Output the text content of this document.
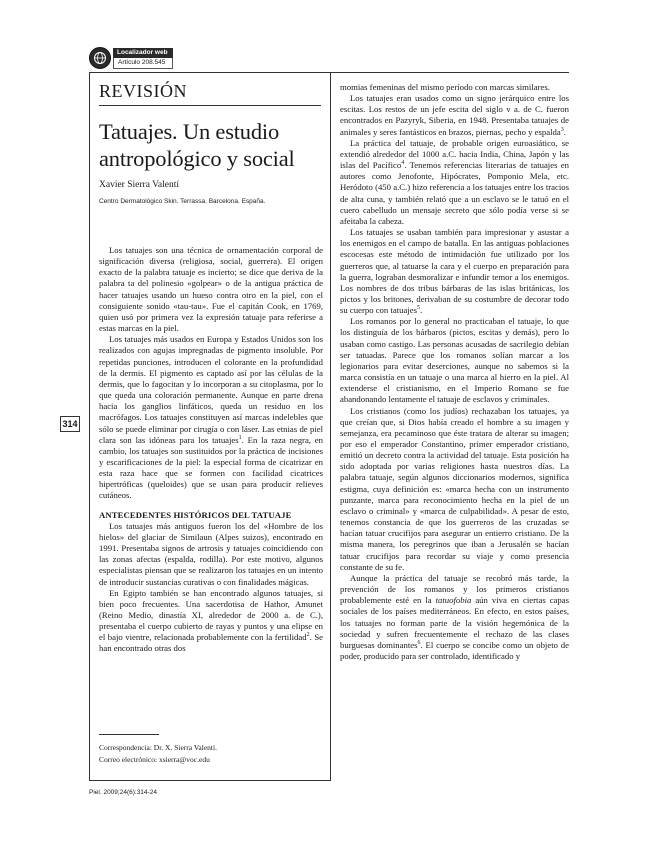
Localizador web
Artículo 208.545
314
REVISIÓN
Tatuajes. Un estudio antropológico y social
Xavier Sierra Valentí
Centro Dermatológico Skin. Terrassa. Barcelona. España.

Los tatuajes son una técnica de ornamentación corporal de significación diversa (religiosa, social, guerrera). El origen exacto de la palabra tatuaje es incierto; se dice que deriva de la palabra ta del polinesio «golpear» o de la antigua práctica de hacer tatuajes usando un hueso contra otro en la piel, con el consiguiente sonido «tau-tau». Fue el capitán Cook, en 1769, quien usó por primera vez la expresión tatuaje para referirse a estas marcas en la piel.

Los tatuajes más usados en Europa y Estados Unidos son los realizados con agujas impregnadas de pigmento insoluble. Por repetidas punciones, introducen el colorante en la profundidad de la dermis. El pigmento es captado así por las células de la dermis, que lo fagocitan y lo incorporan a su citoplasma, por lo que queda una coloración permanente. Aunque en parte drena hacia los ganglios linfáticos, queda un residuo en los macrófagos. Los tatuajes constituyen así marcas indelebles que sólo se puede eliminar por cirugía o con láser. Las etnias de piel clara son las idóneas para los tatuajes$^1$. En la raza negra, en cambio, los tatuajes son sustituidos por la práctica de incisiones y escarificaciones de la piel: la especial forma de cicatrizar en esta raza hace que se formen con facilidad cicatrices hipertróficas (queloides) que se usan para producir relieves cutáneos.

ANTECEDENTES HISTÓRICOS DEL TATUAJE

Los tatuajes más antiguos fueron los del «Hombre de los hielos» del glaciar de Similaun (Alpes suizos), encontrado en 1991. Presentaba signos de artrosis y tatuajes coincidiendo con las zonas afectas (espalda, rodilla). Por este motivo, algunos especialistas piensan que se realizaron los tatuajes en un intento de introducir sustancias curativas o con finalidades mágicas.

En Egipto también se han encontrado algunos tatuajes, si bien poco frecuentes. Una sacerdotisa de Hathor, Amunet (Reino Medio, dinastía XI, alrededor de 2000 a. de C.), presentaba el cuerpo cubierto de rayas y puntos y una elipse en el bajo vientre, relacionada probablemente con la fertilidad$^2$. Se han encontrado otras dos

Correspondencia: Dr. X. Sierra Valentí.
Correo electrónico: xsierra@voc.edu

momias femeninas del mismo período con marcas similares.

Los tatuajes eran usados como un signo jerárquico entre los escitas. Los restos de un jefe escita del siglo v a. de C. fueron encontrados en Pazyryk, Siberia, en 1948. Presentaba tatuajes de animales y seres fantásticos en brazos, piernas, pecho y espalda$^3$.

La práctica del tatuaje, de probable origen euroasiático, se extendió alrededor del 1000 a.C. hacia India, China, Japón y las islas del Pacífico$^4$. Tenemos referencias literarias de tatuajes en autores como Jenofonte, Hipócrates, Pomponio Mela, etc. Heródoto (450 a.C.) hizo referencia a los tatuajes entre los tracios de alta cuna, y también relató que a un esclavo se le tatuó en el cuero cabelludo un mensaje secreto que sólo podía verse si se afeitaba la cabeza.

Los tatuajes se usaban también para impresionar y asustar a los enemigos en el campo de batalla. En las antiguas poblaciones escocesas este método de intimidación fue utilizado por los guerreros que, al tatuarse la cara y el cuerpo en preparación para la guerra, lograban desmoralizar e infundir temor a los enemigos. Los nombres de dos tribus bárbaras de las islas británicas, los pictos y los britones, derivaban de su costumbre de decorar todo su cuerpo con tatuajes$^5$.

Los romanos por lo general no practicaban el tatuaje, lo que los distinguía de los bárbaros (pictos, escitas y demás), pero lo usaban como castigo. Las personas acusadas de sacrilegio debían ser tatuadas. Parece que los romanos solían marcar a los legionarios para evitar deserciones, aunque no sabemos si la marca consistía en un tatuaje o una marca al hierro en la piel. Al extenderse el cristianismo, en el Imperio Romano se fue abandonando lentamente el tatuaje de esclavos y criminales.

Los cristianos (como los judíos) rechazaban los tatuajes, ya que creían que, si Dios había creado el hombre a su imagen y semejanza, era pecaminoso que éste tratara de alterar su imagen; por eso el emperador Constantino, primer emperador cristiano, emitió un decreto contra la actividad del tatuaje. Esta posición ha sido adoptada por varias religiones hasta nuestros días. La palabra tatuaje, según algunos diccionarios modernos, significa estigma, cuya definición es: «marca hecha con un instrumento punzante, marca para reconocimiento hecha en la piel de un esclavo o criminal» y «marca de culpabilidad». A pesar de esto, tenemos constancia de que los guerreros de las cruzadas se hacían tatuar crucifijos para asegurar un entierro cristiano. De la misma manera, los peregrinos que iban a Jerusalén se hacían tatuar crucifijos para recordar su viaje y como presencia constante de su fe.

Aunque la práctica del tatuaje se recobró más tarde, la prevención de los romanos y los primeros cristianos probablemente esté en la tatuofobia aún viva en ciertas capas sociales de los países mediterráneos. En efecto, en estos países, los tatuajes no forman parte de la visión hegemónica de la sociedad y sufren frecuentemente el rechazo de las clases burguesas dominantes$^6$. El cuerpo se concibe como un objeto de poder, producido para ser controlado, identificado y

Piel. 2009;24(6):314-24
